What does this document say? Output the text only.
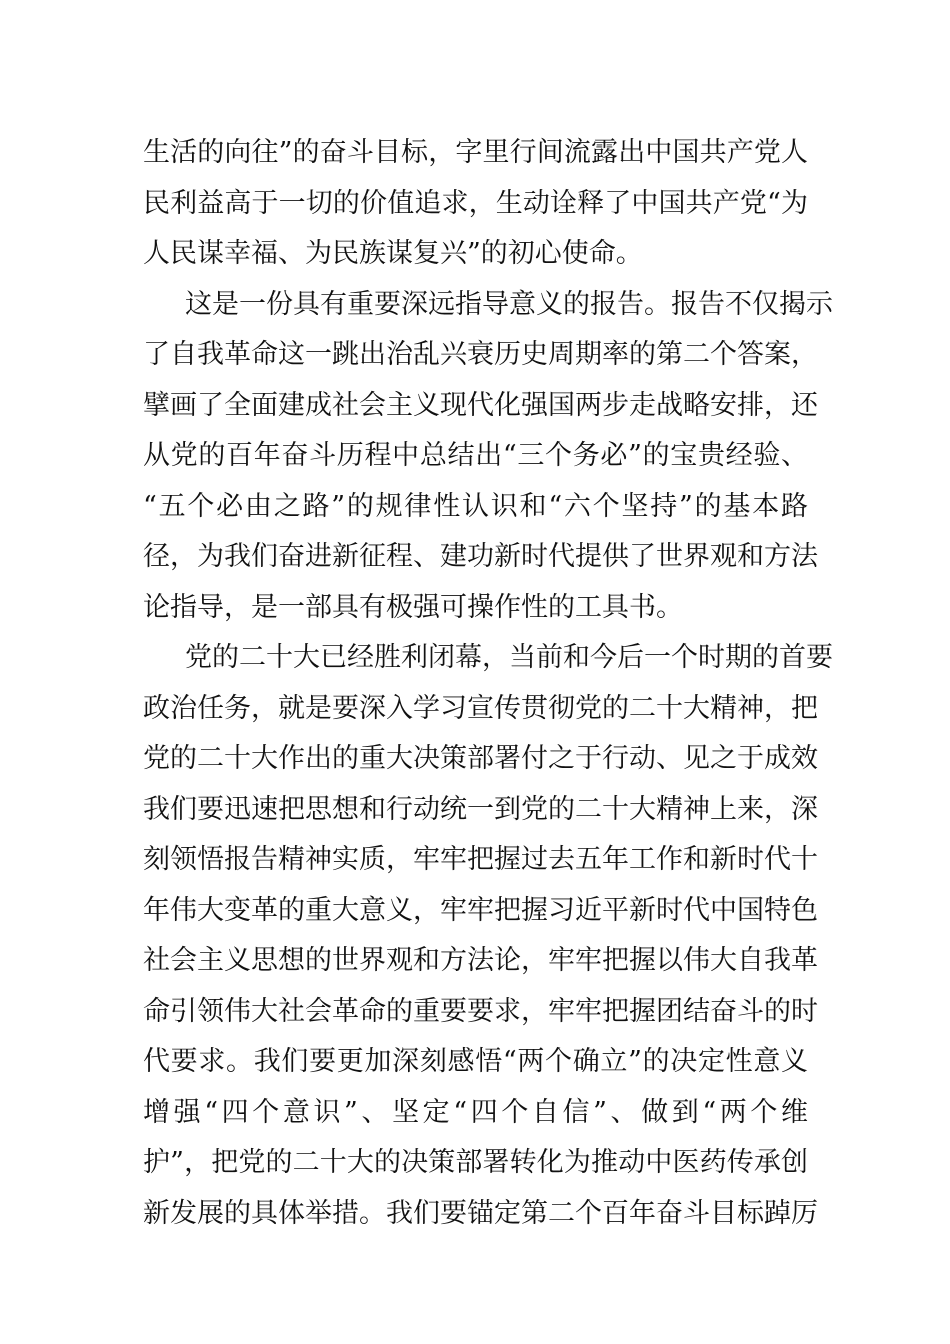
生活的向往”的奋斗目标，字里行间流露出中国共产党人
民利益高于一切的价值追求，生动诠释了中国共产党“为
人民谋幸福、为民族谋复兴”的初心使命。
这是一份具有重要深远指导意义的报告。报告不仅揭示
了自我革命这一跳出治乱兴衰历史周期率的第二个答案，
擘画了全面建成社会主义现代化强国两步走战略安排，还
从党的百年奋斗历程中总结出“三个务必”的宝贵经验、
“五个必由之路”的规律性认识和“六个坚持”的基本路
径，为我们奋进新征程、建功新时代提供了世界观和方法
论指导，是一部具有极强可操作性的工具书。
党的二十大已经胜利闭幕，当前和今后一个时期的首要
政治任务，就是要深入学习宣传贯彻党的二十大精神，把
党的二十大作出的重大决策部署付之于行动、见之于成效
我们要迅速把思想和行动统一到党的二十大精神上来，深
刻领悟报告精神实质，牢牢把握过去五年工作和新时代十
年伟大变革的重大意义，牢牢把握习近平新时代中国特色
社会主义思想的世界观和方法论，牢牢把握以伟大自我革
命引领伟大社会革命的重要要求，牢牢把握团结奋斗的时
代要求。我们要更加深刻感悟“两个确立”的决定性意义
增强“四个意识”、坚定“四个自信”、做到“两个维
护”，把党的二十大的决策部署转化为推动中医药传承创
新发展的具体举措。我们要锚定第二个百年奋斗目标踔厉
